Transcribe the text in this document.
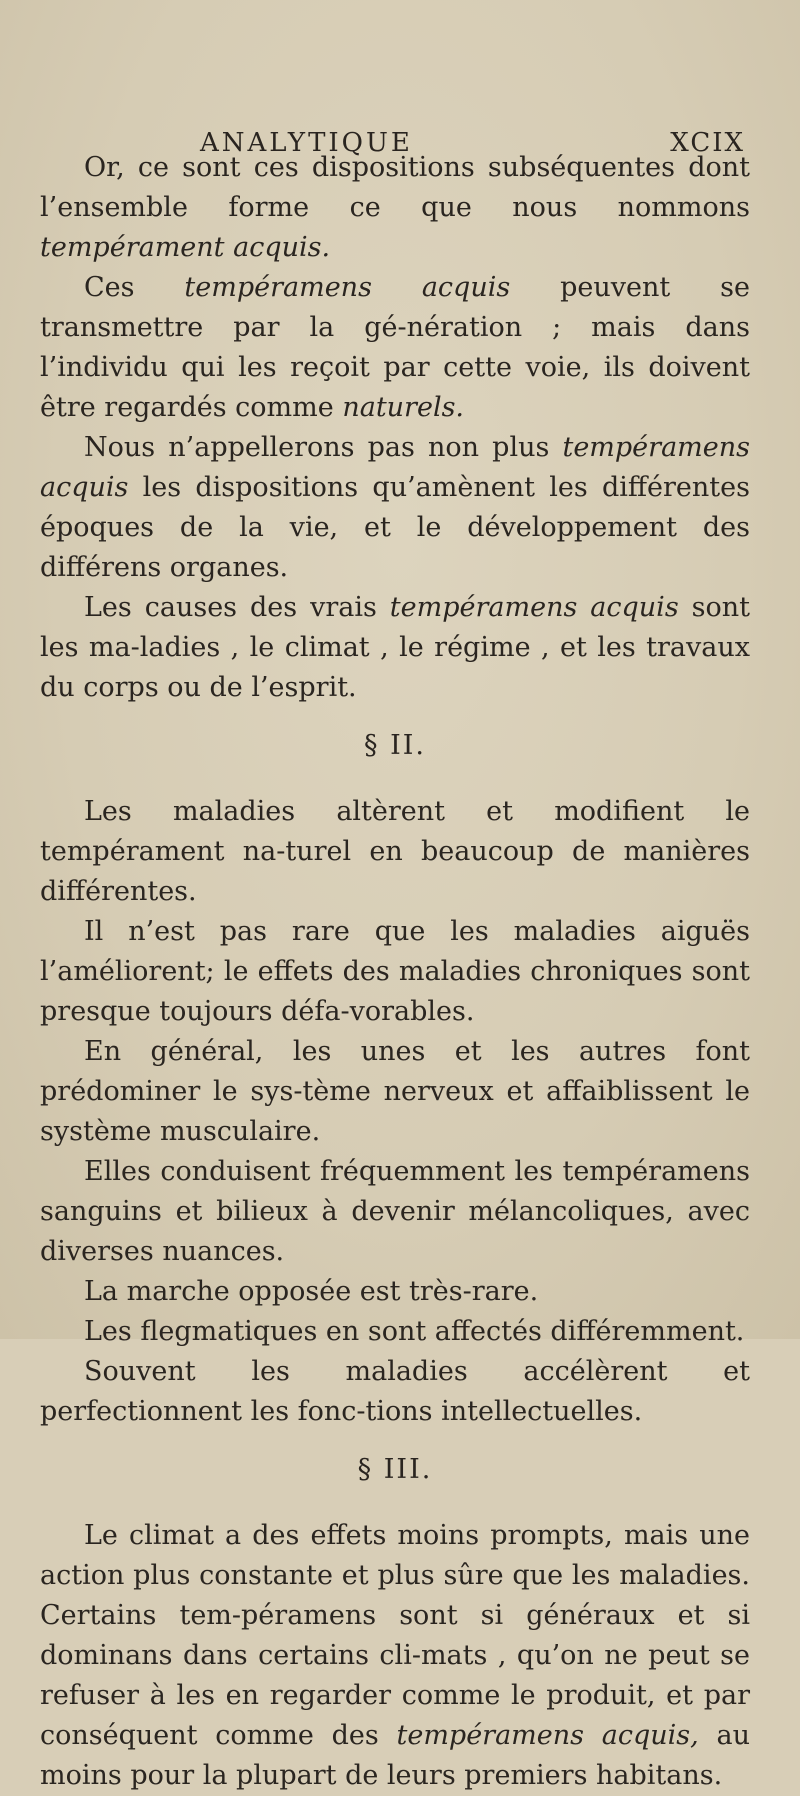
ANALYTIQUE	XCIX

Or, ce sont ces dispositions subséquentes dont l’ensemble forme ce que nous nommons tempérament acquis.

Ces tempéramens acquis peuvent se transmettre par la gé-nération ; mais dans l’individu qui les reçoit par cette voie, ils doivent être regardés comme naturels.

Nous n’appellerons pas non plus tempéramens acquis les dispositions qu’amènent les différentes époques de la vie, et le développement des différens organes.

Les causes des vrais tempéramens acquis sont les ma-ladies , le climat , le régime , et les travaux du corps ou de l’esprit.

§ II.

Les maladies altèrent et modifient le tempérament na-turel en beaucoup de manières différentes.

Il n’est pas rare que les maladies aiguës l’améliorent; le effets des maladies chroniques sont presque toujours défa-vorables.

En général, les unes et les autres font prédominer le sys-tème nerveux et affaiblissent le système musculaire.

Elles conduisent fréquemment les tempéramens sanguins et bilieux à devenir mélancoliques, avec diverses nuances.

La marche opposée est très-rare.

Les flegmatiques en sont affectés différemment.

Souvent les maladies accélèrent et perfectionnent les fonc-tions intellectuelles.

§ III.

Le climat a des effets moins prompts, mais une action plus constante et plus sûre que les maladies. Certains tem-péramens sont si généraux et si dominans dans certains cli-mats , qu’on ne peut se refuser à les en regarder comme le produit, et par conséquent comme des tempéramens acquis, au moins pour la plupart de leurs premiers habitans.
